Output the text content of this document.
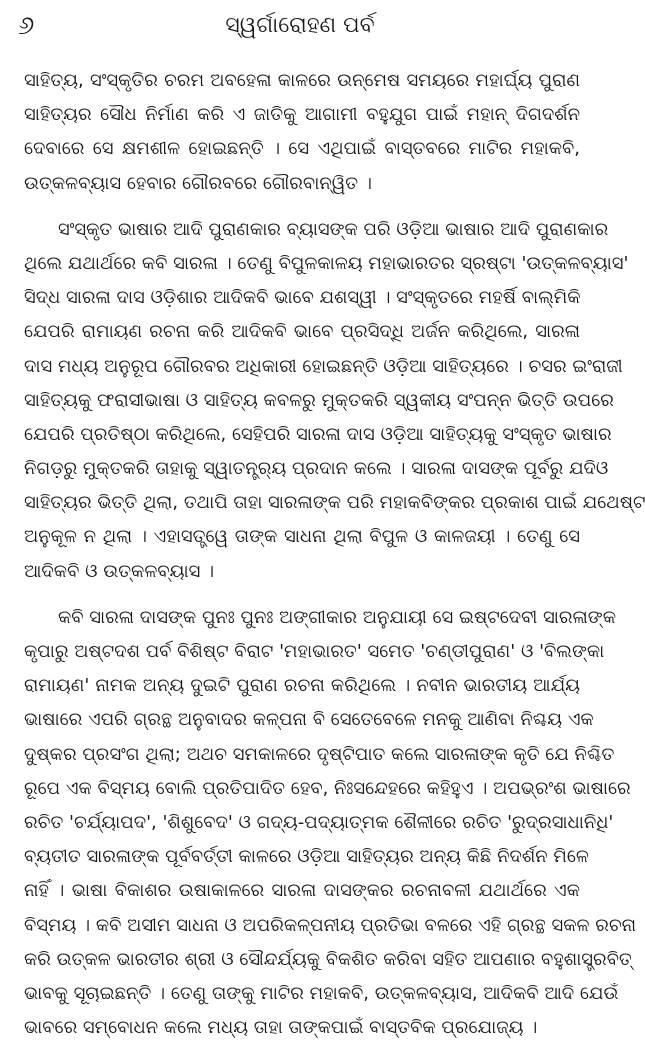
୬	ସ୍ୱର୍ଗାରୋହଣ ପର୍ବ
ସାହିତ୍ୟ, ସଂସ୍କୃତିର ଚରମ ଅବହେଳା କାଳରେ ଉନ୍ମେଷ ସମୟରେ ମହାର୍ଘ୍ୟ ପୁରାଣ
ସାହିତ୍ୟର ସୌଧ ନିର୍ମାଣ କରି ଏ ଜାତିକୁ ଆଗାମୀ ବହୁଯୁଗ ପାଇଁ ମହାନ୍ ଦିଗଦର୍ଶନ
ଦେବାରେ ସେ କ୍ଷମଶୀଳ ହୋଇଛନ୍ତି । ସେ ଏଥିପାଇଁ ବାସ୍ତବରେ ମାଟିର ମହାକବି,
ଉତ୍କଳବ୍ୟାସ ହେବାର ଗୌରବରେ ଗୌରବାନ୍ୱିତ ।
ସଂସ୍କୃତ ଭାଷାର ଆଦି ପୁରାଣକାର ବ୍ୟାସଙ୍କ ପରି ଓଡ଼ିଆ ଭାଷାର ଆଦି ପୁରାଣକାର
ଥିଲେ ଯଥାର୍ଥରେ କବି ସାରଳା । ତେଣୁ ବିପୁଳକାଳୟ ମହାଭାରତର ସ୍ରଷ୍ଟା 'ଉତ୍କଳବ୍ୟାସ'
ସିଦ୍ଧ ସାରଳା ଦାସ ଓଡ଼ିଶାର ଆଦିକବି ଭାବେ ଯଶସ୍ୱୀ । ସଂସ୍କୃତରେ ମହର୍ଷି ବାଲ୍ମିକି
ଯେପରି ରାମାୟଣ ରଚନା କରି ଆଦିକବି ଭାବେ ପ୍ରସିଦ୍ଧି ଅର୍ଜନ କରିଥିଲେ, ସାରଳା
ଦାସ ମଧ୍ୟ ଅନୁରୂପ ଗୌରବର ଅଧିକାରୀ ହୋଇଛନ୍ତି ଓଡ଼ିଆ ସାହିତ୍ୟରେ । ଚସର ଇଂରାଜୀ
ସାହିତ୍ୟକୁ ଫରାସୀଭାଷା ଓ ସାହିତ୍ୟ କବଳରୁ ମୁକ୍ତକରି ସ୍ୱକୀୟ ସଂପନ୍ନ ଭିତ୍ତି ଉପରେ
ଯେପରି ପ୍ରତିଷ୍ଠା କରିଥିଲେ, ସେହିପରି ସାରଳା ଦାସ ଓଡ଼ିଆ ସାହିତ୍ୟକୁ ସଂସ୍କୃତ ଭାଷାର
ନିଗଡ଼ରୁ ମୁକ୍ତକରି ତାହାକୁ ସ୍ୱାତନ୍ତ୍ର୍ୟ ପ୍ରଦାନ କଲେ । ସାରଳା ଦାସଙ୍କ ପୂର୍ବରୁ ଯଦିଓ
ସାହିତ୍ୟର ଭିତ୍ତି ଥିଲା, ତଥାପି ତାହା ସାରଳାଙ୍କ ପରି ମହାକବିଙ୍କର ପ୍ରକାଶ ପାଇଁ ଯଥେଷ୍ଟ
ଅନୁକୂଳ ନ ଥିଲା । ଏହାସତ୍ତ୍ୱେ ତାଙ୍କ ସାଧନା ଥିଲା ବିପୁଳ ଓ କାଳଜୟୀ । ତେଣୁ ସେ
ଆଦିକବି ଓ ଉତ୍କଳବ୍ୟାସ ।
କବି ସାରଳା ଦାସଙ୍କ ପୁନଃ ପୁନଃ ଅଙ୍ଗୀକାର ଅନୁଯାୟୀ ସେ ଇଷ୍ଟଦେବୀ ସାରଳାଙ୍କ
କୃପାରୁ ଅଷ୍ଟଦଶ ପର୍ବ ବିଶିଷ୍ଟ ବିରାଟ 'ମହାଭାରତ' ସମେତ 'ଚଣ୍ଡୀପୁରାଣ' ଓ 'ବିଲଙ୍କା
ରାମାୟଣ' ନାମକ ଅନ୍ୟ ଦୁଇଟି ପୁରାଣ ରଚନା କରିଥିଲେ । ନବୀନ ଭାରତୀୟ ଆର୍ଯ୍ୟ
ଭାଷାରେ ଏପରି ଗ୍ରନ୍ଥ ଅନୁବାଦର କଳ୍ପନା ବି ସେତେବେଳେ ମନକୁ ଆଣିବା ନିଶ୍ଚୟ ଏକ
ଦୁଷ୍କର ପ୍ରସଂଗ ଥିଲା; ଅଥଚ ସମକାଳରେ ଦୃଷ୍ଟିପାତ କଲେ ସାରଳାଙ୍କ କୃତି ଯେ ନିଶ୍ଚିତ
ରୂପେ ଏକ ବିସ୍ମୟ ବୋଲି ପ୍ରତିପାଦିତ ହେବ, ନିଃସନ୍ଦେହରେ କହିହୁଏ । ଅପଭ୍ରଂଶ ଭାଷାରେ
ରଚିତ 'ଚର୍ଯ୍ୟାପଦ', 'ଶିଶୁବେଦ' ଓ ଗଦ୍ୟ-ପଦ୍ୟାତ୍ମକ ଶୈଳୀରେ ରଚିତ 'ରୁଦ୍ରସାଧାନିଧି'
ବ୍ୟତୀତ ସାରଳାଙ୍କ ପୂର୍ବବର୍ତ୍ତୀ କାଳରେ ଓଡ଼ିଆ ସାହିତ୍ୟର ଅନ୍ୟ କିଛି ନିଦର୍ଶନ ମିଳେ
ନାହିଁ । ଭାଷା ବିକାଶର ଉଷାକାଳରେ ସାରଳା ଦାସଙ୍କର ରଚନାବଳୀ ଯଥାର୍ଥରେ ଏକ
ବିସ୍ମୟ । କବି ଅସୀମ ସାଧନା ଓ ଅପରିକଳ୍ପନୀୟ ପ୍ରତିଭା ବଳରେ ଏହି ଗ୍ରନ୍ଥ ସକଳ ରଚନା
କରି ଉତ୍କଳ ଭାରତୀର ଶ୍ରୀ ଓ ସୌନ୍ଦର୍ଯ୍ୟକୁ ବିକଶିତ କରିବା ସହିତ ଆପଣାର ବହୁଶାସ୍ତ୍ରବିତ୍
ଭାବକୁ ସୂଚାଇଛନ୍ତି । ତେଣୁ ତାଙ୍କୁ ମାଟିର ମହାକବି, ଉତ୍କଳବ୍ୟାସ, ଆଦିକବି ଆଦି ଯେଉଁ
ଭାବରେ ସମ୍ବୋଧନ କଲେ ମଧ୍ୟ ତାହା ତାଙ୍କପାଇଁ ବାସ୍ତବିକ ପ୍ରଯୋଜ୍ୟ ।
